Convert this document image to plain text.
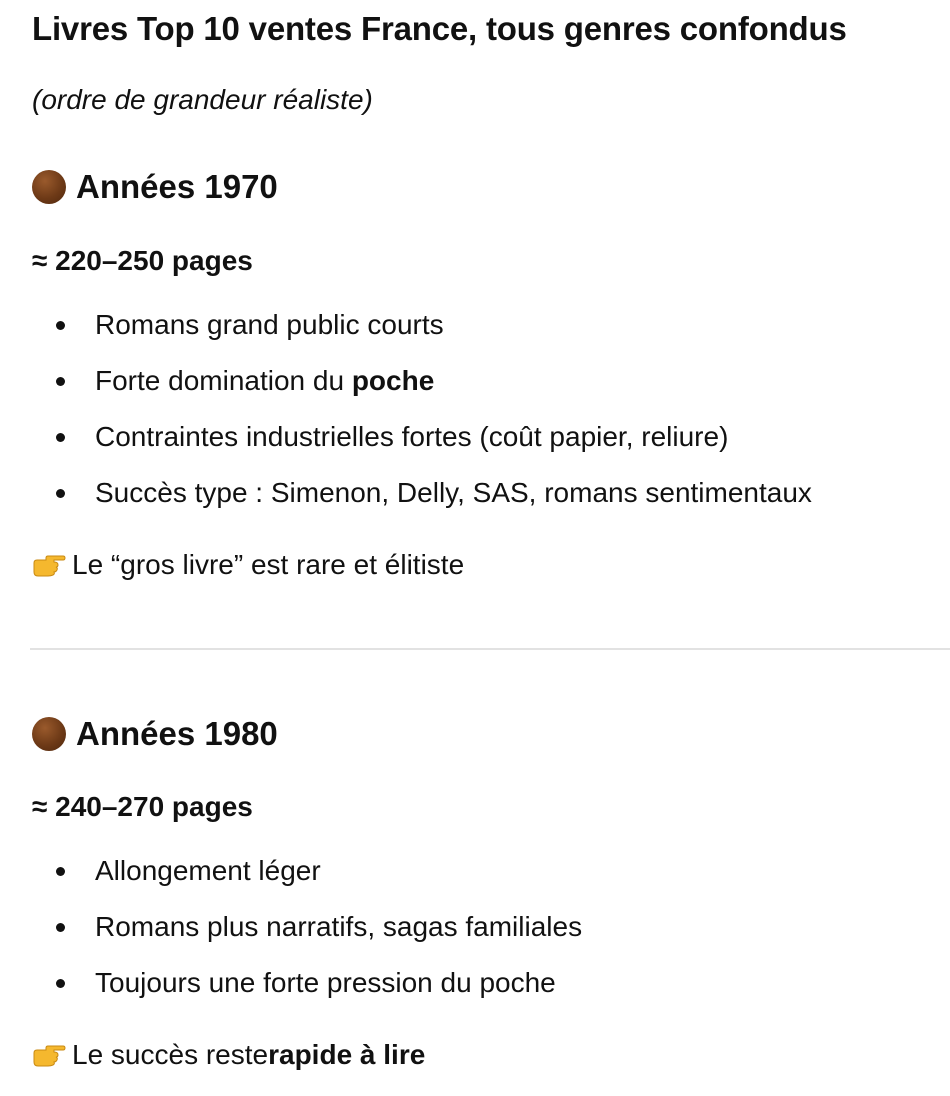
Livres Top 10 ventes France, tous genres confondus
(ordre de grandeur réaliste)
Années 1970
≈ 220–250 pages
Romans grand public courts
Forte domination du poche
Contraintes industrielles fortes (coût papier, reliure)
Succès type : Simenon, Delly, SAS, romans sentimentaux
Le “gros livre” est rare et élitiste
Années 1980
≈ 240–270 pages
Allongement léger
Romans plus narratifs, sagas familiales
Toujours une forte pression du poche
Le succès reste rapide à lire
